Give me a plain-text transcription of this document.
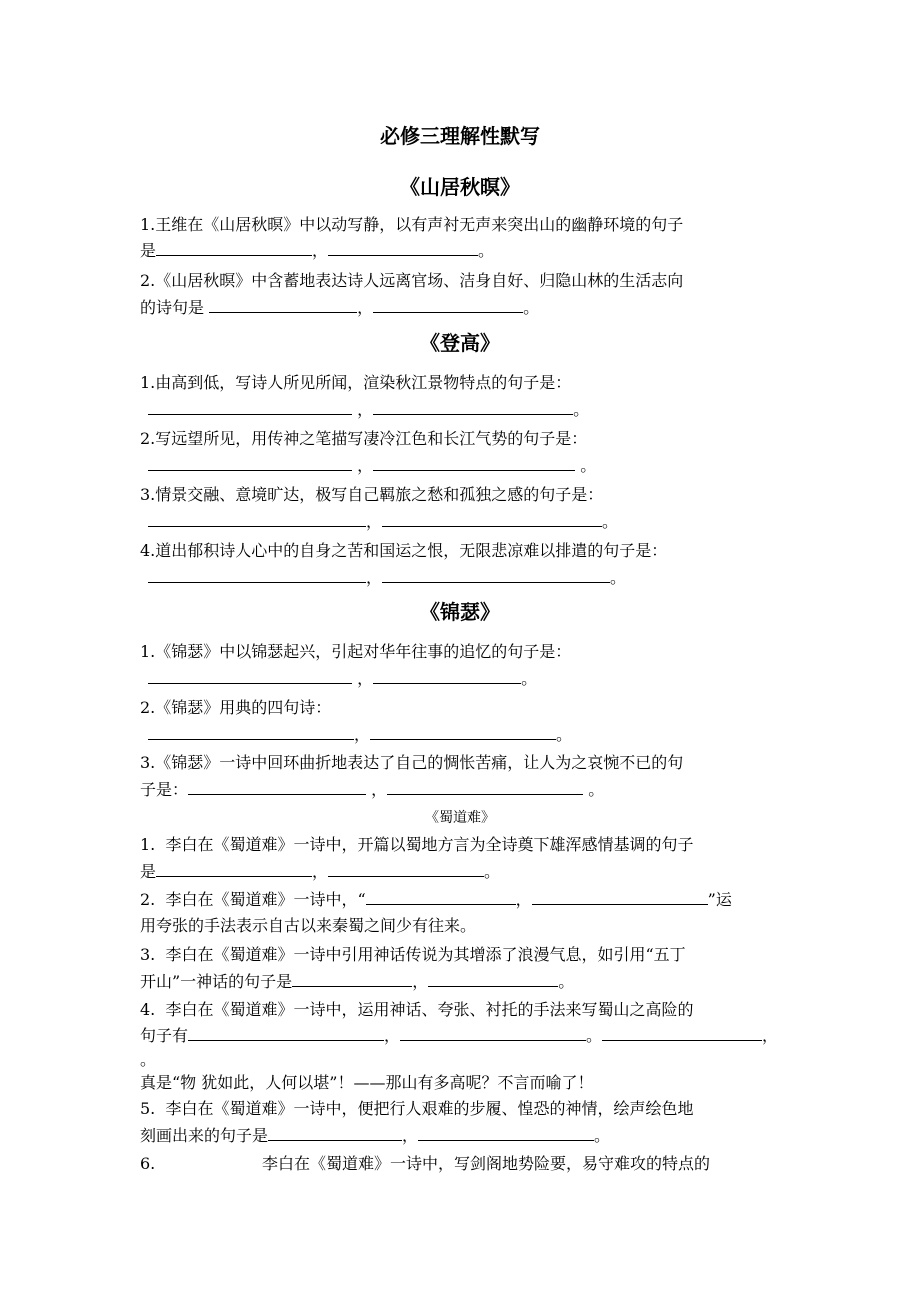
必修三理解性默写
《山居秋暝》
1.王维在《山居秋暝》中以动写静，以有声衬无声来突出山的幽静环境的句子
是	，	。
2.《山居秋暝》中含蓄地表达诗人远离官场、洁身自好、归隐山林的生活志向
的诗句是	，	。
《登高》
1.由高到低，写诗人所见所闻，渲染秋江景物特点的句子是：
，	。
2.写远望所见，用传神之笔描写凄冷江色和长江气势的句子是：
，	。
3.情景交融、意境旷达，极写自己羁旅之愁和孤独之感的句子是：
，	。
4.道出郁积诗人心中的自身之苦和国运之恨，无限悲凉难以排遣的句子是：
，	。
《锦瑟》
1.《锦瑟》中以锦瑟起兴，引起对华年往事的追忆的句子是：
，	。
2.《锦瑟》用典的四句诗：
，	。
3.《锦瑟》一诗中回环曲折地表达了自己的惆怅苦痛，让人为之哀惋不已的句
子是：	，	。
《蜀道难》
1.  李白在《蜀道难》一诗中，开篇以蜀地方言为全诗奠下雄浑感情基调的句子
是	，	。
2.  李白在《蜀道难》一诗中，“	，	”运
用夸张的手法表示自古以来秦蜀之间少有往来。
3.  李白在《蜀道难》一诗中引用神话传说为其增添了浪漫气息，如引用“五丁
开山”一神话的句子是	，	。
4.  李白在《蜀道难》一诗中，运用神话、夸张、衬托的手法来写蜀山之高险的
句子有	，	。	，
。
真是“物 犹如此，人何以堪”！——那山有多高呢？不言而喻了！
5.  李白在《蜀道难》一诗中，便把行人艰难的步履、惶恐的神情，绘声绘色地
刻画出来的句子是	，	。
6.	李白在《蜀道难》一诗中，写剑阁地势险要，易守难攻的特点的
